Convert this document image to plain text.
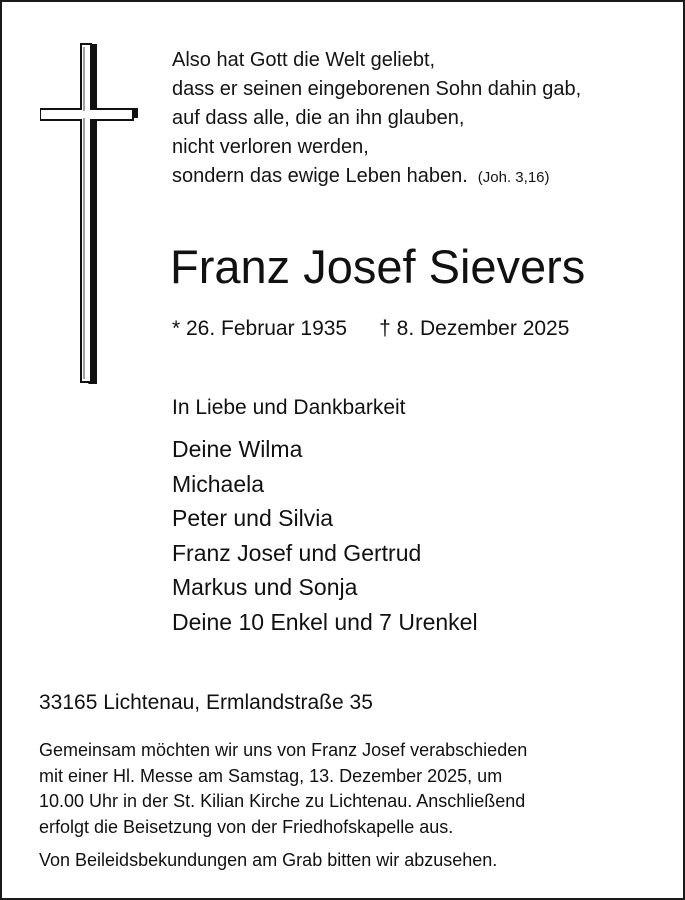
Also hat Gott die Welt geliebt,
dass er seinen eingeborenen Sohn dahin gab,
auf dass alle, die an ihn glauben,
nicht verloren werden,
sondern das ewige Leben haben. (Joh. 3,16)
Franz Josef Sievers
* 26. Februar 1935 † 8. Dezember 2025
In Liebe und Dankbarkeit
Deine Wilma
Michaela
Peter und Silvia
Franz Josef und Gertrud
Markus und Sonja
Deine 10 Enkel und 7 Urenkel
33165 Lichtenau, Ermlandstraße 35
Gemeinsam möchten wir uns von Franz Josef verabschieden
mit einer Hl. Messe am Samstag, 13. Dezember 2025, um
10.00 Uhr in der St. Kilian Kirche zu Lichtenau. Anschließend
erfolgt die Beisetzung von der Friedhofskapelle aus.
Von Beileidsbekundungen am Grab bitten wir abzusehen.
